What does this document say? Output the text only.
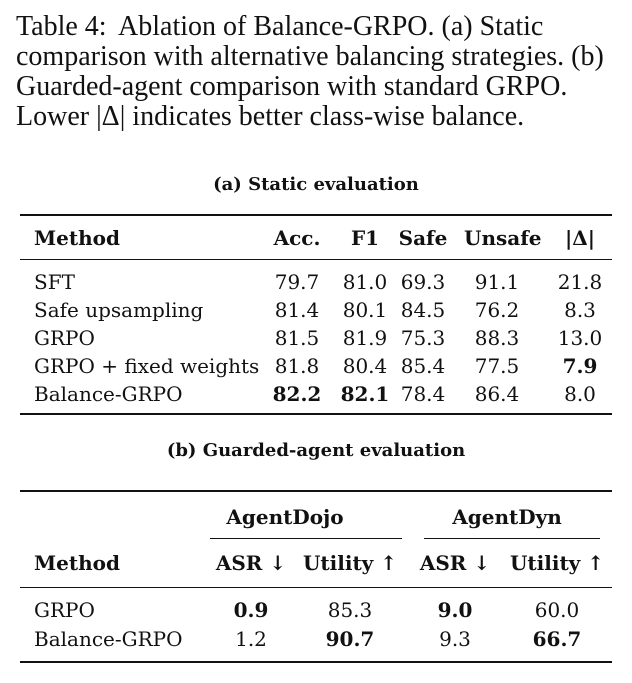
Table 4: Ablation of Balance-GRPO. (a) Static comparison with alternative balancing strategies. (b) Guarded-agent comparison with standard GRPO. Lower |Δ| indicates better class-wise balance.
(a) Static evaluation
Method	Acc.	F1 Safe Unsafe	|Δ|
SFT	79.7 81.0 69.3	91.1	21.8
Safe upsampling	81.4 80.1 84.5	76.2	8.3
GRPO	81.5 81.9 75.3	88.3	13.0
GRPO + fixed weights 81.8 80.4 85.4	77.5	7.9
Balance-GRPO	82.2 82.1 78.4	86.4	8.0
(b) Guarded-agent evaluation
AgentDojo	AgentDyn
Method	ASR ↓ Utility ↑	ASR ↓ Utility ↑
GRPO	0.9	85.3	9.0	60.0
Balance-GRPO	1.2	90.7	9.3	66.7
